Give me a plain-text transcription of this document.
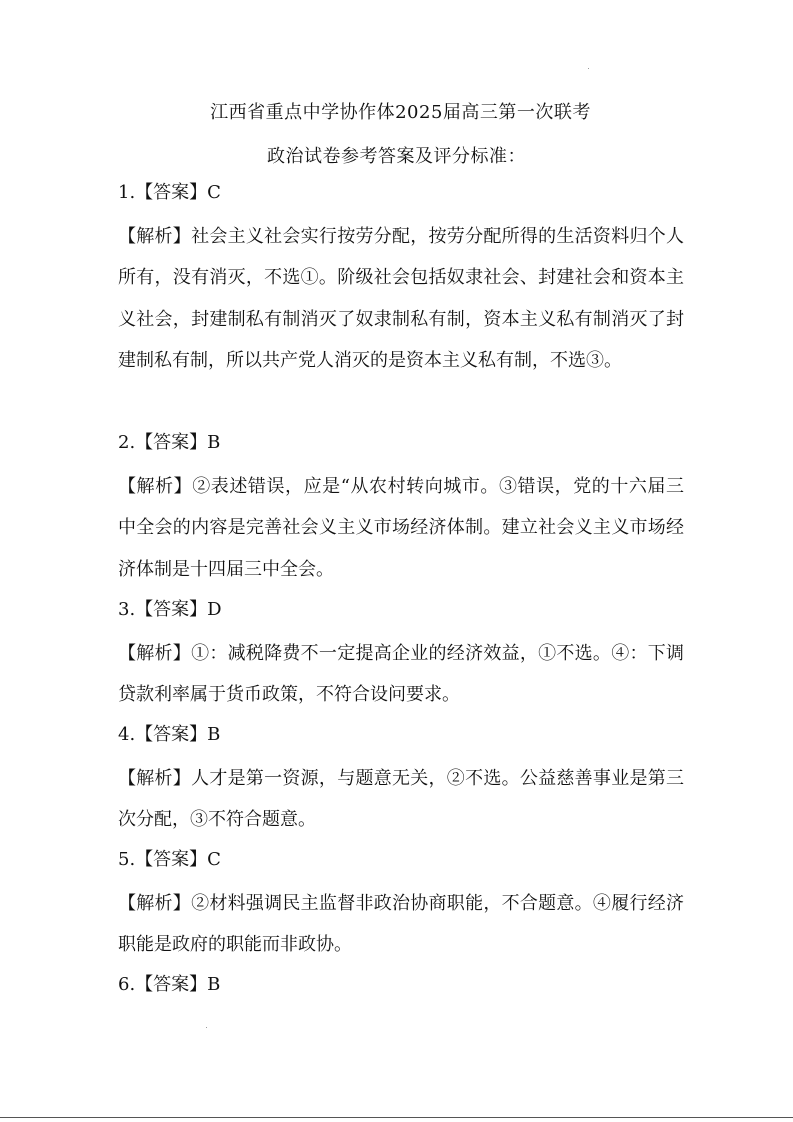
江西省重点中学协作体2025届高三第一次联考
政治试卷参考答案及评分标准：
1.【答案】C
【解析】社会主义社会实行按劳分配，按劳分配所得的生活资料归个人所有，没有消灭，不选①。阶级社会包括奴隶社会、封建社会和资本主义社会，封建制私有制消灭了奴隶制私有制，资本主义私有制消灭了封建制私有制，所以共产党人消灭的是资本主义私有制，不选③。
2.【答案】B
【解析】②表述错误，应是“从农村转向城市。③错误，党的十六届三中全会的内容是完善社会义主义市场经济体制。建立社会义主义市场经济体制是十四届三中全会。
3.【答案】D
【解析】①：减税降费不一定提高企业的经济效益，①不选。④：下调贷款利率属于货币政策，不符合设问要求。
4.【答案】B
【解析】人才是第一资源，与题意无关，②不选。公益慈善事业是第三次分配，③不符合题意。
5.【答案】C
【解析】②材料强调民主监督非政治协商职能，不合题意。④履行经济职能是政府的职能而非政协。
6.【答案】B
